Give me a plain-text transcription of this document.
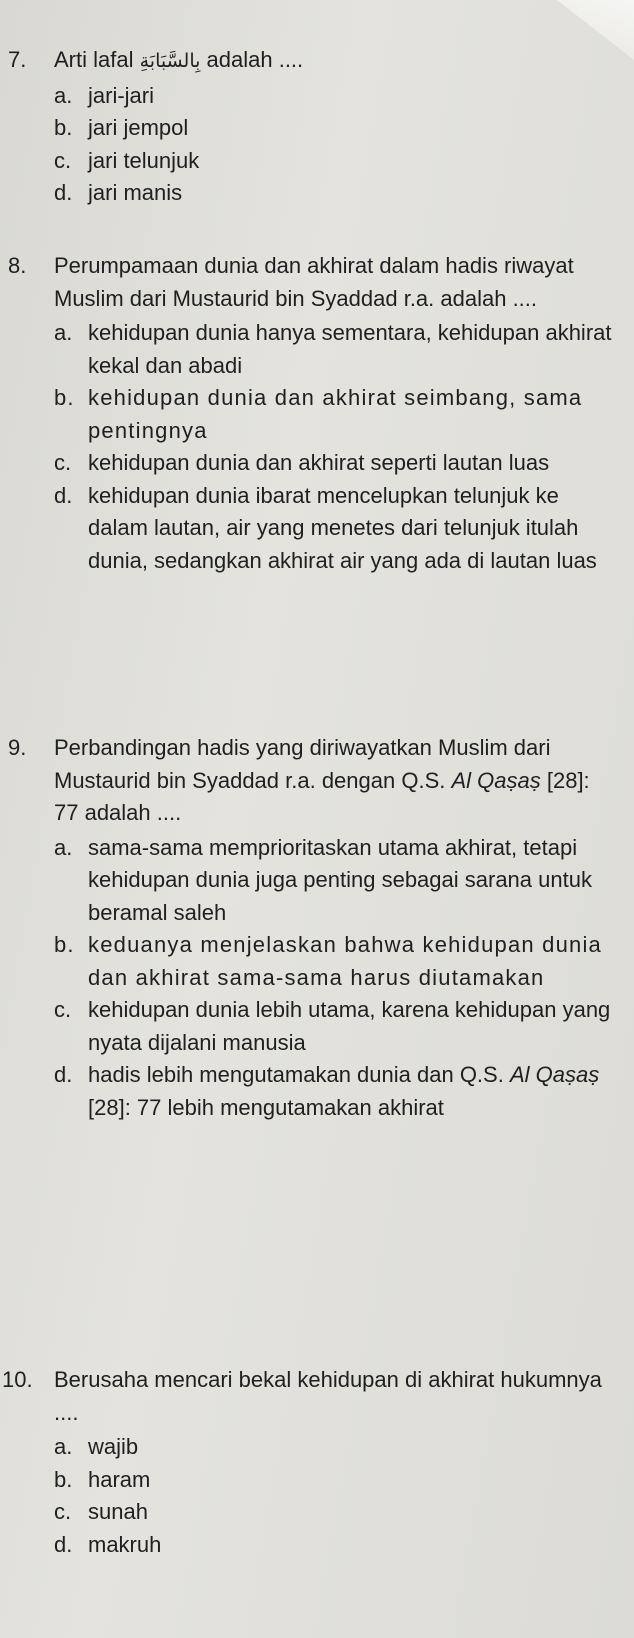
7. Arti lafal بِالسَّبَابَةِ adalah ....
a. jari-jari
b. jari jempol
c. jari telunjuk
d. jari manis
8. Perumpamaan dunia dan akhirat dalam hadis riwayat Muslim dari Mustaurid bin Syaddad r.a. adalah ....
a. kehidupan dunia hanya sementara, kehidupan akhirat kekal dan abadi
b. kehidupan dunia dan akhirat seimbang, sama pentingnya
c. kehidupan dunia dan akhirat seperti lautan luas
d. kehidupan dunia ibarat mencelupkan telunjuk ke dalam lautan, air yang menetes dari telunjuk itulah dunia, sedangkan akhirat air yang ada di lautan luas
9. Perbandingan hadis yang diriwayatkan Muslim dari Mustaurid bin Syaddad r.a. dengan Q.S. Al Qaṣaṣ [28]: 77 adalah ....
a. sama-sama memprioritaskan utama akhirat, tetapi kehidupan dunia juga penting sebagai sarana untuk beramal saleh
b. keduanya menjelaskan bahwa kehidupan dunia dan akhirat sama-sama harus diutamakan
c. kehidupan dunia lebih utama, karena kehidupan yang nyata dijalani manusia
d. hadis lebih mengutamakan dunia dan Q.S. Al Qaṣaṣ [28]: 77 lebih mengutamakan akhirat
10. Berusaha mencari bekal kehidupan di akhirat hukumnya ....
a. wajib
b. haram
c. sunah
d. makruh
